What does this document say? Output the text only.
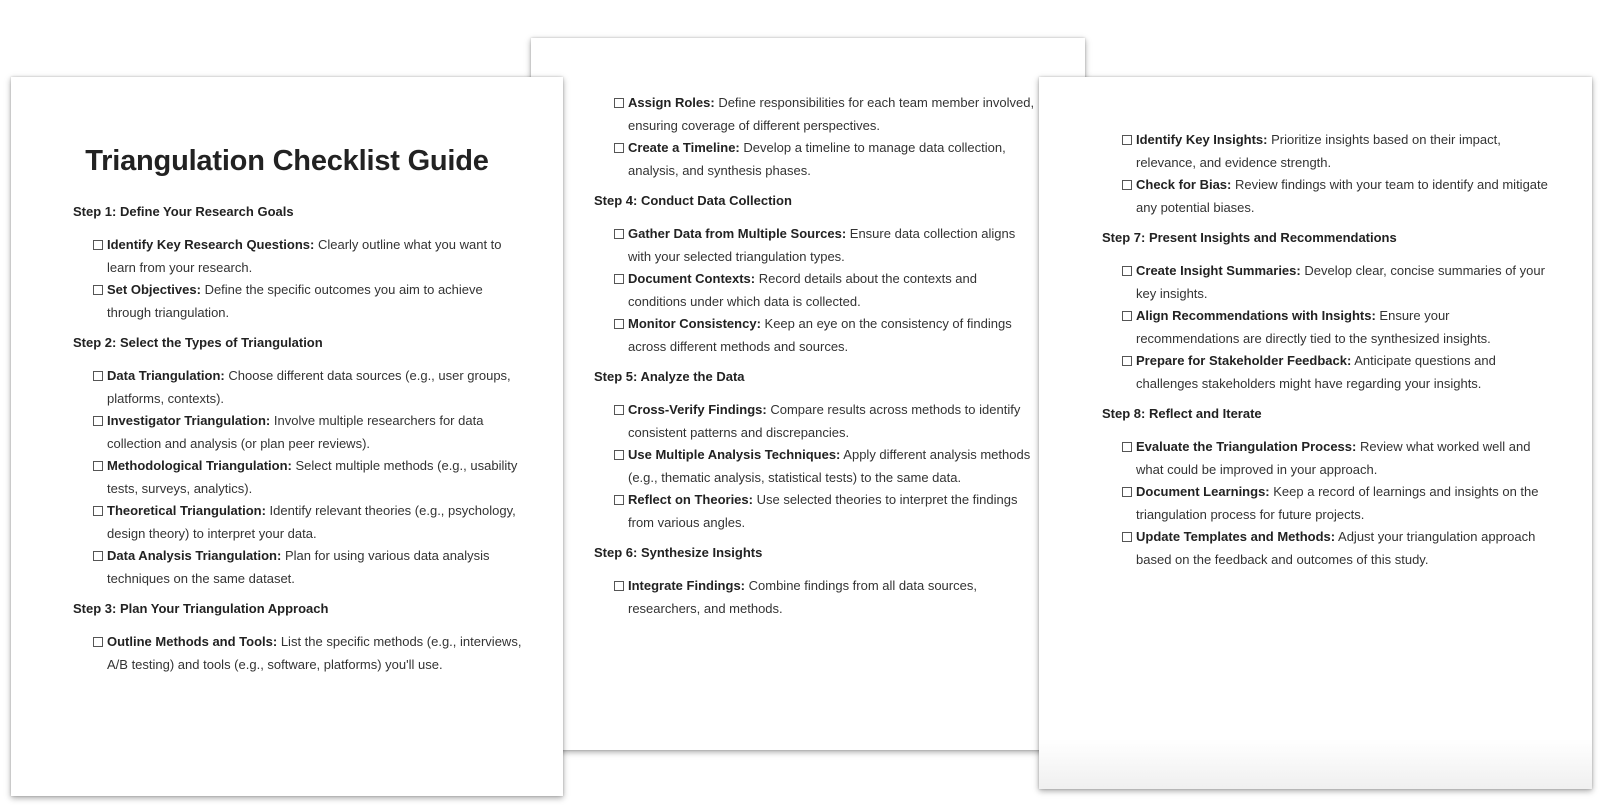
Triangulation Checklist Guide
Step 1: Define Your Research Goals
Identify Key Research Questions: Clearly outline what you want to learn from your research.
Set Objectives: Define the specific outcomes you aim to achieve through triangulation.
Step 2: Select the Types of Triangulation
Data Triangulation: Choose different data sources (e.g., user groups, platforms, contexts).
Investigator Triangulation: Involve multiple researchers for data collection and analysis (or plan peer reviews).
Methodological Triangulation: Select multiple methods (e.g., usability tests, surveys, analytics).
Theoretical Triangulation: Identify relevant theories (e.g., psychology, design theory) to interpret your data.
Data Analysis Triangulation: Plan for using various data analysis techniques on the same dataset.
Step 3: Plan Your Triangulation Approach
Outline Methods and Tools: List the specific methods (e.g., interviews, A/B testing) and tools (e.g., software, platforms) you'll use.
Assign Roles: Define responsibilities for each team member involved, ensuring coverage of different perspectives.
Create a Timeline: Develop a timeline to manage data collection, analysis, and synthesis phases.
Step 4: Conduct Data Collection
Gather Data from Multiple Sources: Ensure data collection aligns with your selected triangulation types.
Document Contexts: Record details about the contexts and conditions under which data is collected.
Monitor Consistency: Keep an eye on the consistency of findings across different methods and sources.
Step 5: Analyze the Data
Cross-Verify Findings: Compare results across methods to identify consistent patterns and discrepancies.
Use Multiple Analysis Techniques: Apply different analysis methods (e.g., thematic analysis, statistical tests) to the same data.
Reflect on Theories: Use selected theories to interpret the findings from various angles.
Step 6: Synthesize Insights
Integrate Findings: Combine findings from all data sources, researchers, and methods.
Identify Key Insights: Prioritize insights based on their impact, relevance, and evidence strength.
Check for Bias: Review findings with your team to identify and mitigate any potential biases.
Step 7: Present Insights and Recommendations
Create Insight Summaries: Develop clear, concise summaries of your key insights.
Align Recommendations with Insights: Ensure your recommendations are directly tied to the synthesized insights.
Prepare for Stakeholder Feedback: Anticipate questions and challenges stakeholders might have regarding your insights.
Step 8: Reflect and Iterate
Evaluate the Triangulation Process: Review what worked well and what could be improved in your approach.
Document Learnings: Keep a record of learnings and insights on the triangulation process for future projects.
Update Templates and Methods: Adjust your triangulation approach based on the feedback and outcomes of this study.
